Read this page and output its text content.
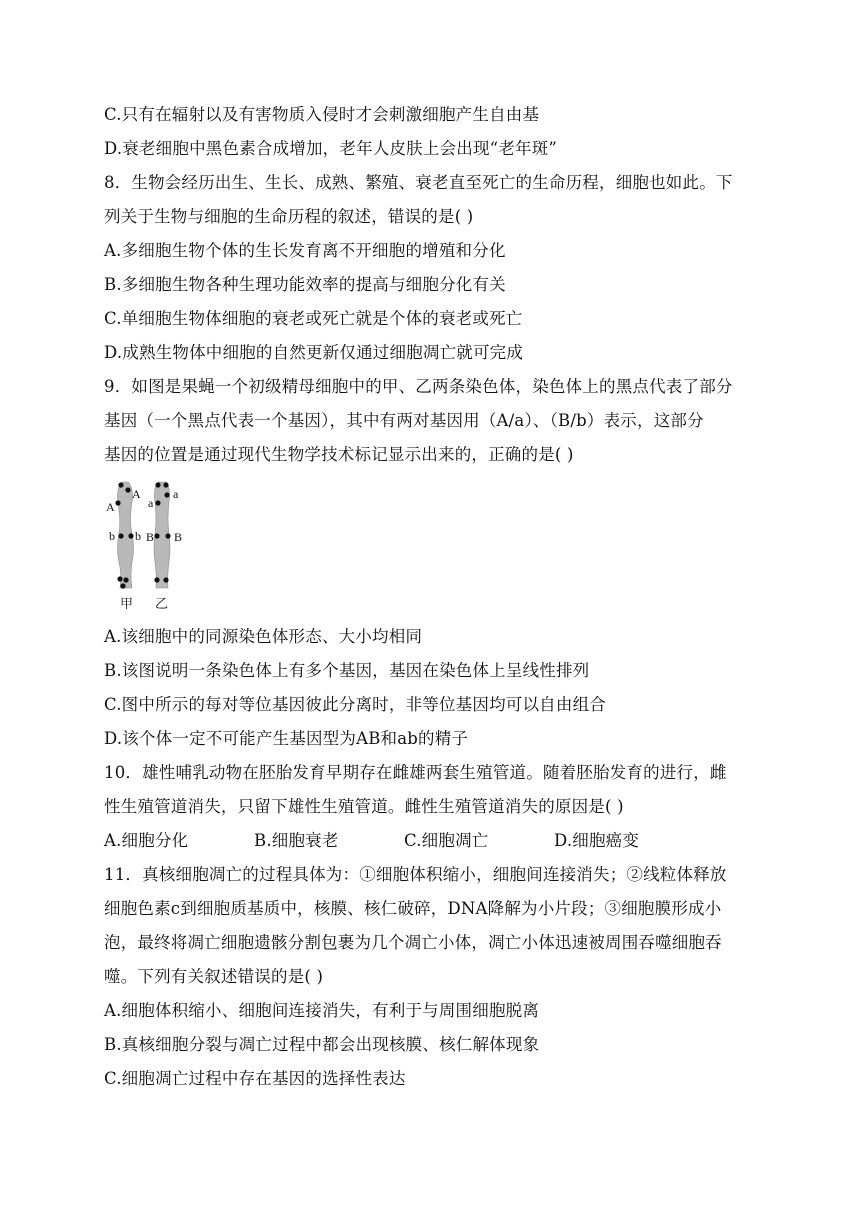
C.只有在辐射以及有害物质入侵时才会刺激细胞产生自由基
D.衰老细胞中黑色素合成增加，老年人皮肤上会出现“老年斑”
8．生物会经历出生、生长、成熟、繁殖、衰老直至死亡的生命历程，细胞也如此。下
列关于生物与细胞的生命历程的叙述，错误的是( )
A.多细胞生物个体的生长发育离不开细胞的增殖和分化
B.多细胞生物各种生理功能效率的提高与细胞分化有关
C.单细胞生物体细胞的衰老或死亡就是个体的衰老或死亡
D.成熟生物体中细胞的自然更新仅通过细胞凋亡就可完成
9．如图是果蝇一个初级精母细胞中的甲、乙两条染色体，染色体上的黑点代表了部分
基因（一个黑点代表一个基因），其中有两对基因用（A/a）、（B/b）表示，这部分
基因的位置是通过现代生物学技术标记显示出来的，正确的是( )
A
A
b b
a
a
B B
甲 乙
A.该细胞中的同源染色体形态、大小均相同
B.该图说明一条染色体上有多个基因，基因在染色体上呈线性排列
C.图中所示的每对等位基因彼此分离时，非等位基因均可以自由组合
D.该个体一定不可能产生基因型为AB和ab的精子
10．雄性哺乳动物在胚胎发育早期存在雌雄两套生殖管道。随着胚胎发育的进行，雌
性生殖管道消失，只留下雄性生殖管道。雌性生殖管道消失的原因是( )
A.细胞分化	B.细胞衰老	C.细胞凋亡	D.细胞癌变
11．真核细胞凋亡的过程具体为：①细胞体积缩小，细胞间连接消失；②线粒体释放
细胞色素c到细胞质基质中，核膜、核仁破碎，DNA降解为小片段；③细胞膜形成小
泡，最终将凋亡细胞遗骸分割包裹为几个凋亡小体，凋亡小体迅速被周围吞噬细胞吞
噬。下列有关叙述错误的是( )
A.细胞体积缩小、细胞间连接消失，有利于与周围细胞脱离
B.真核细胞分裂与凋亡过程中都会出现核膜、核仁解体现象
C.细胞凋亡过程中存在基因的选择性表达
